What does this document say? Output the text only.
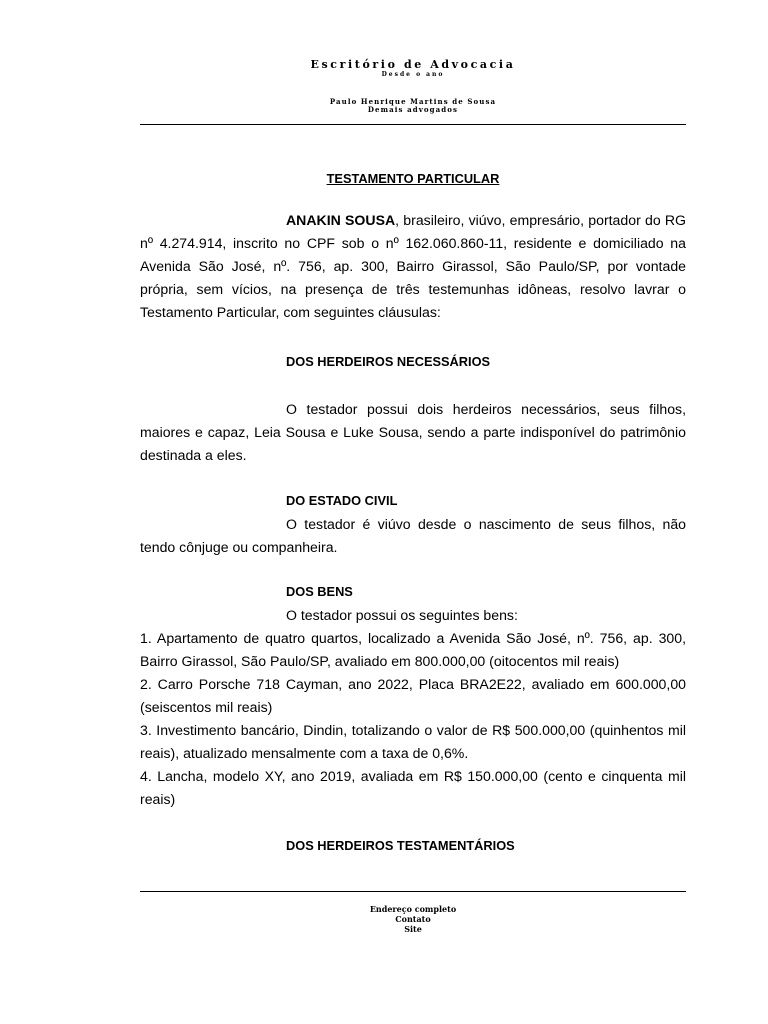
Escritório de Advocacia
Desde o ano
Paulo Henrique Martins de Sousa
Demais advogados
TESTAMENTO PARTICULAR

ANAKIN SOUSA, brasileiro, viúvo, empresário, portador do RG nº 4.274.914, inscrito no CPF sob o nº 162.060.860-11, residente e domiciliado na Avenida São José, nº. 756, ap. 300, Bairro Girassol, São Paulo/SP, por vontade própria, sem vícios, na presença de três testemunhas idôneas, resolvo lavrar o Testamento Particular, com seguintes cláusulas:

DOS HERDEIROS NECESSÁRIOS

O testador possui dois herdeiros necessários, seus filhos, maiores e capaz, Leia Sousa e Luke Sousa, sendo a parte indisponível do patrimônio destinada a eles.

DO ESTADO CIVIL

O testador é viúvo desde o nascimento de seus filhos, não tendo cônjuge ou companheira.

DOS BENS

O testador possui os seguintes bens:

1. Apartamento de quatro quartos, localizado a Avenida São José, nº. 756, ap. 300, Bairro Girassol, São Paulo/SP, avaliado em 800.000,00 (oitocentos mil reais)

2. Carro Porsche 718 Cayman, ano 2022, Placa BRA2E22, avaliado em 600.000,00 (seiscentos mil reais)

3. Investimento bancário, Dindin, totalizando o valor de R$ 500.000,00 (quinhentos mil reais), atualizado mensalmente com a taxa de 0,6%.

4. Lancha, modelo XY, ano 2019, avaliada em R$ 150.000,00 (cento e cinquenta mil reais)

DOS HERDEIROS TESTAMENTÁRIOS
Endereço completo
Contato
Site
